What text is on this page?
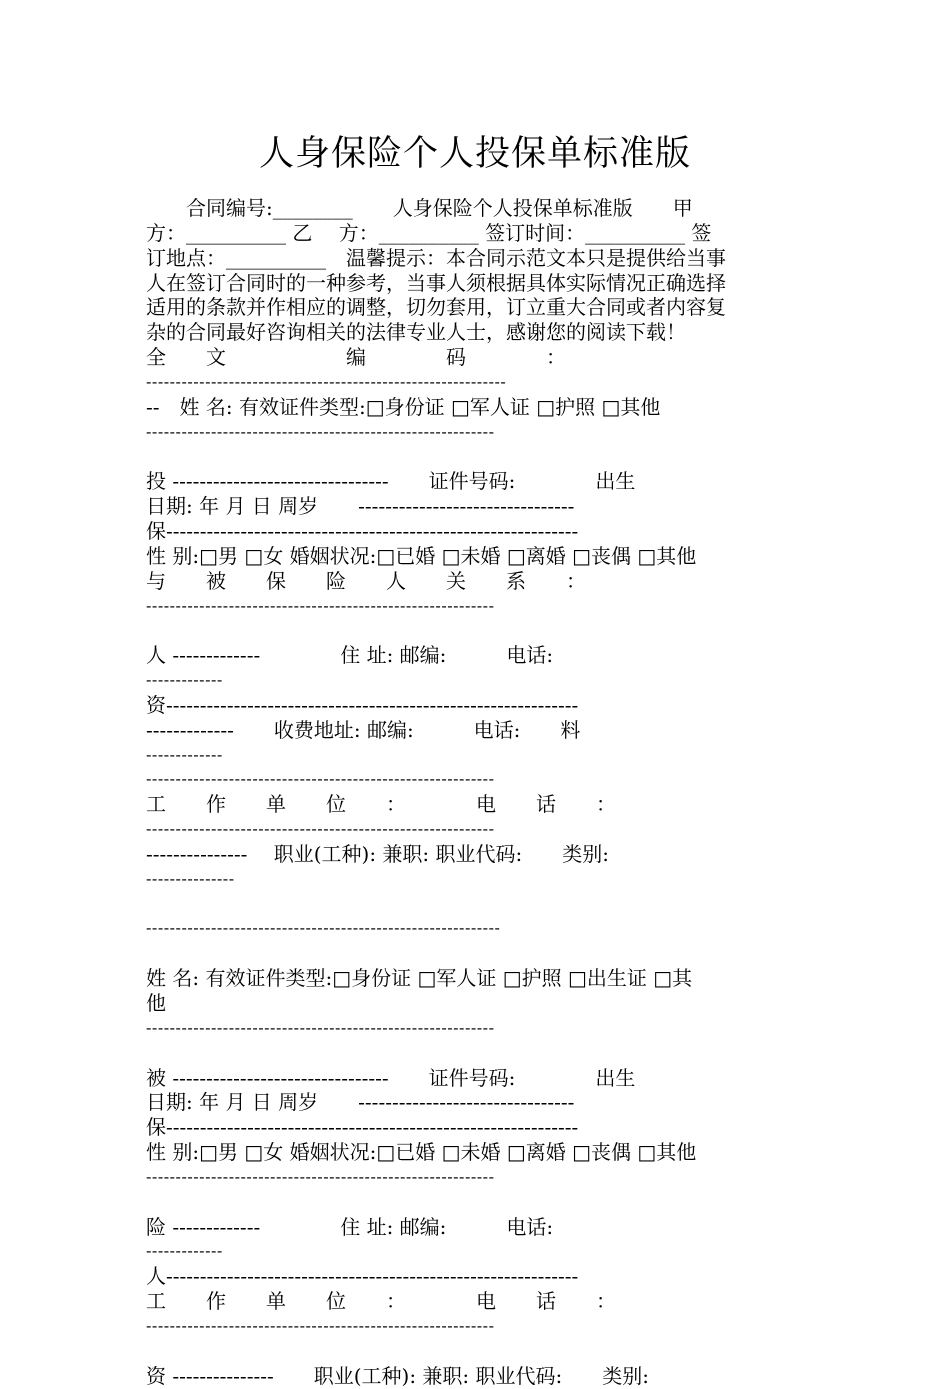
人身保险个人投保单标准版
　　合同编号:________　　人身保险个人投保单标准版　　甲
方：__________ 乙　 方：__________ 签订时间：__________ 签
订地点：__________　温馨提示：本合同示范文本只是提供给当事
人在签订合同时的一种参考，当事人须根据具体实际情况正确选择
适用的条款并作相应的调整，切勿套用，订立重大合同或者内容复
杂的合同最好咨询相关的法律专业人士，感谢您的阅读下载！
全　　文　　　　　　编　　　　码　　　　：
-------------------------------------------------------------
--　姓 名: 有效证件类型:□身份证 □军人证 □护照 □其他
-----------------------------------------------------------
投 --------------------------------　　证件号码:　　　　出生
日期: 年 月 日 周岁　　--------------------------------
保-------------------------------------------------------------
性 别:□男 □女 婚姻状况:□已婚 □未婚 □离婚 □丧偶 □其他
与　　被　　保　　险　　人　　关　　系　　：
-----------------------------------------------------------
人 -------------　　　　住 址: 邮编:　　　电话:
-------------
资-------------------------------------------------------------
-------------　　收费地址: 邮编:　　　电话:　　料
-------------
-----------------------------------------------------------
工　　作　　单　　位　　：　　　　电　　话　　：
-----------------------------------------------------------
---------------　 职业(工种): 兼职: 职业代码:　　类别:
---------------
------------------------------------------------------------
姓 名: 有效证件类型:□身份证 □军人证 □护照 □出生证 □其
他
-----------------------------------------------------------
被 --------------------------------　　证件号码:　　　　出生
日期: 年 月 日 周岁　　--------------------------------
保-------------------------------------------------------------
性 别:□男 □女 婚姻状况:□已婚 □未婚 □离婚 □丧偶 □其他
-----------------------------------------------------------
险 -------------　　　　住 址: 邮编:　　　电话:
-------------
人-------------------------------------------------------------
工　　作　　单　　位　　：　　　　电　　话　　：
-----------------------------------------------------------
资 ---------------　　职业(工种): 兼职: 职业代码:　　类别:
